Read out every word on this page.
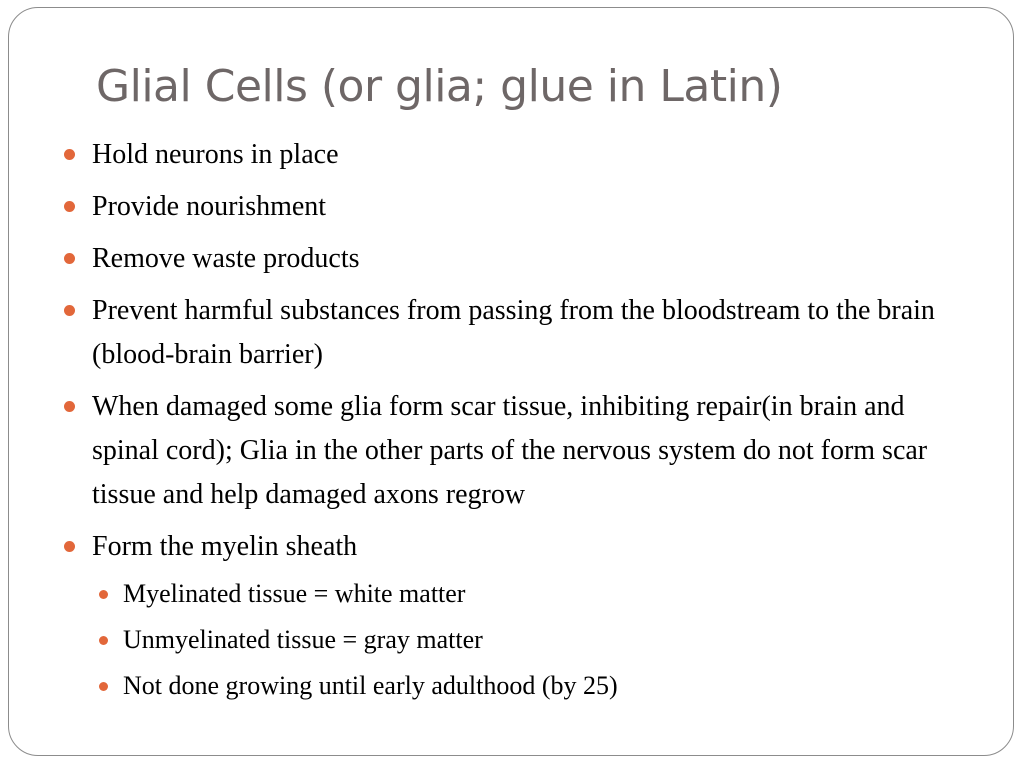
Glial Cells (or glia; glue in Latin)
Hold neurons in place
Provide nourishment
Remove waste products
Prevent harmful substances from passing from the bloodstream to the brain (blood-brain barrier)
When damaged some glia form scar tissue, inhibiting repair(in brain and spinal cord); Glia in the other parts of the nervous system do not form scar tissue and help damaged axons regrow
Form the myelin sheath
Myelinated tissue = white matter
Unmyelinated tissue = gray matter
Not done growing until early adulthood (by 25)
